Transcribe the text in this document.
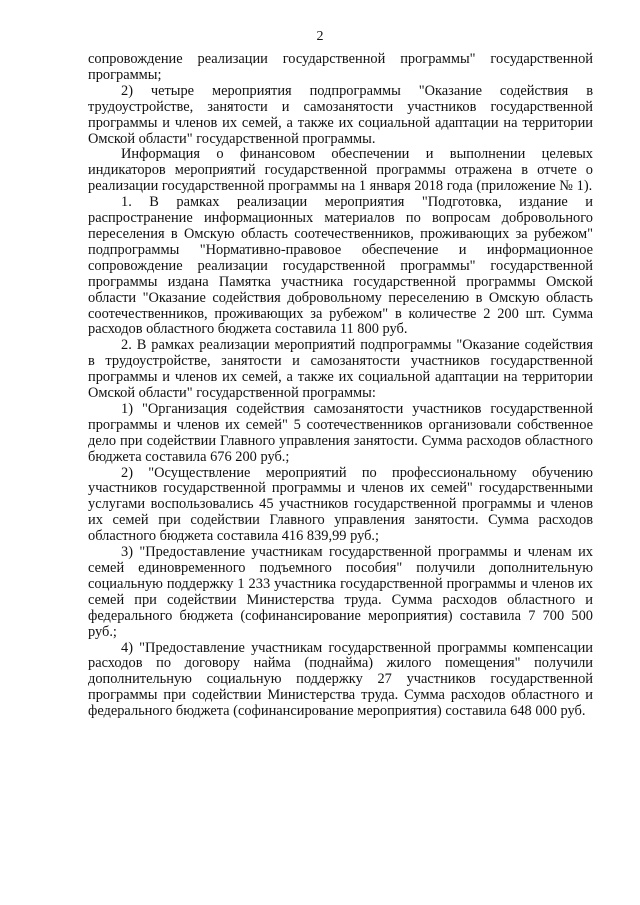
2

сопровождение реализации государственной программы" государственной программы;

2) четыре мероприятия подпрограммы "Оказание содействия в трудоустройстве, занятости и самозанятости участников государственной программы и членов их семей, а также их социальной адаптации на территории Омской области" государственной программы.

Информация о финансовом обеспечении и выполнении целевых индикаторов мероприятий государственной программы отражена в отчете о реализации государственной программы на 1 января 2018 года (приложение № 1).

1. В рамках реализации мероприятия "Подготовка, издание и распространение информационных материалов по вопросам добровольного переселения в Омскую область соотечественников, проживающих за рубежом" подпрограммы "Нормативно-правовое обеспечение и информационное сопровождение реализации государственной программы" государственной программы издана Памятка участника государственной программы Омской области "Оказание содействия добровольному переселению в Омскую область соотечественников, проживающих за рубежом" в количестве 2 200 шт. Сумма расходов областного бюджета составила 11 800 руб.

2. В рамках реализации мероприятий подпрограммы "Оказание содействия в трудоустройстве, занятости и самозанятости участников государственной программы и членов их семей, а также их социальной адаптации на территории Омской области" государственной программы:

1) "Организация содействия самозанятости участников государственной программы и членов их семей" 5 соотечественников организовали собственное дело при содействии Главного управления занятости. Сумма расходов областного бюджета составила 676 200 руб.;

2) "Осуществление мероприятий по профессиональному обучению участников государственной программы и членов их семей" государственными услугами воспользовались 45 участников государственной программы и членов их семей при содействии Главного управления занятости. Сумма расходов областного бюджета составила 416 839,99 руб.;

3) "Предоставление участникам государственной программы и членам их семей единовременного подъемного пособия" получили дополнительную социальную поддержку 1 233 участника государственной программы и членов их семей при содействии Министерства труда. Сумма расходов областного и федерального бюджета (софинансирование мероприятия) составила 7 700 500 руб.;

4) "Предоставление участникам государственной программы компенсации расходов по договору найма (поднайма) жилого помещения" получили дополнительную социальную поддержку 27 участников государственной программы при содействии Министерства труда. Сумма расходов областного и федерального бюджета (софинансирование мероприятия) составила 648 000 руб.
